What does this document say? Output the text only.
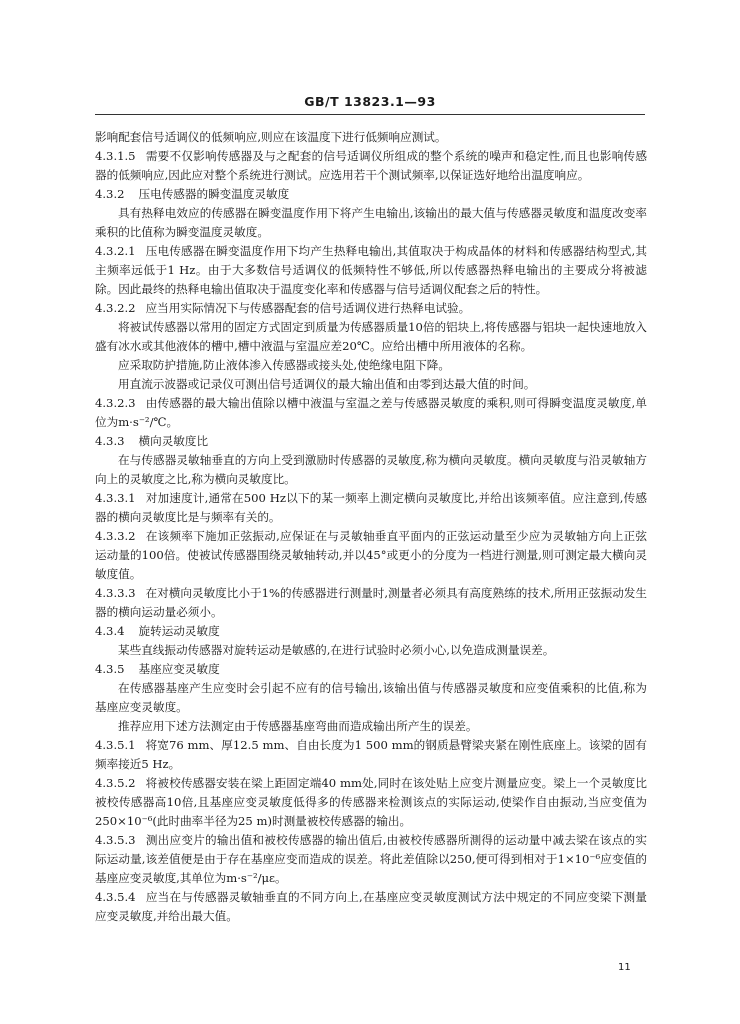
GB/T 13823.1—93

影响配套信号适调仪的低频响应,则应在该温度下进行低频响应测试。

4.3.1.5 需要不仅影响传感器及与之配套的信号适调仪所组成的整个系统的噪声和稳定性,而且也影响传感器的低频响应,因此应对整个系统进行测试。应选用若干个测试频率,以保证选好地给出温度响应。

4.3.2 压电传感器的瞬变温度灵敏度

具有热释电效应的传感器在瞬变温度作用下将产生电输出,该输出的最大值与传感器灵敏度和温度改变率乘积的比值称为瞬变温度灵敏度。

4.3.2.1 压电传感器在瞬变温度作用下均产生热释电输出,其值取决于构成晶体的材料和传感器结构型式,其主频率远低于1 Hz。由于大多数信号适调仪的低频特性不够低,所以传感器热释电输出的主要成分将被滤除。因此最终的热释电输出值取决于温度变化率和传感器与信号适调仪配套之后的特性。

4.3.2.2 应当用实际情况下与传感器配套的信号适调仪进行热释电试验。

将被试传感器以常用的固定方式固定到质量为传感器质量10倍的铝块上,将传感器与铝块一起快速地放入盛有冰水或其他液体的槽中,槽中液温与室温应差20℃。应给出槽中所用液体的名称。

应采取防护措施,防止液体渗入传感器或接头处,使绝缘电阻下降。

用直流示波器或记录仪可测出信号适调仪的最大输出值和由零到达最大值的时间。

4.3.2.3 由传感器的最大输出值除以槽中液温与室温之差与传感器灵敏度的乘积,则可得瞬变温度灵敏度,单位为m·s⁻²/℃。

4.3.3 横向灵敏度比

在与传感器灵敏轴垂直的方向上受到激励时传感器的灵敏度,称为横向灵敏度。横向灵敏度与沿灵敏轴方向上的灵敏度之比,称为横向灵敏度比。

4.3.3.1 对加速度计,通常在500 Hz以下的某一频率上測定横向灵敏度比,并给出该频率值。应注意到,传感器的横向灵敏度比是与频率有关的。

4.3.3.2 在该频率下施加正弦振动,应保证在与灵敏轴垂直平面内的正弦运动量至少应为灵敏轴方向上正弦运动量的100倍。使被试传感器围绕灵敏轴转动,并以45°或更小的分度为一档进行测量,则可测定最大横向灵敏度值。

4.3.3.3 在对横向灵敏度比小于1%的传感器进行测量时,测量者必须具有高度熟练的技术,所用正弦振动发生器的横向运动量必须小。

4.3.4 旋转运动灵敏度

某些直线振动传感器对旋转运动是敏感的,在进行试验时必须小心,以免造成测量误差。

4.3.5 基座应变灵敏度

在传感器基座产生应变时会引起不应有的信号输出,该输出值与传感器灵敏度和应变值乘积的比值,称为基座应变灵敏度。

推荐应用下述方法测定由于传感器基座弯曲而造成输出所产生的误差。

4.3.5.1 将宽76 mm、厚12.5 mm、自由长度为1 500 mm的钢质悬臂梁夹紧在刚性底座上。该梁的固有频率接近5 Hz。

4.3.5.2 将被校传感器安装在梁上距固定端40 mm处,同时在该处贴上应变片测量应变。梁上一个灵敏度比被校传感器高10倍,且基座应变灵敏度低得多的传感器来检测该点的实际运动,使梁作自由振动,当应变值为250×10⁻⁶(此时曲率半径为25 m)时测量被校传感器的输出。

4.3.5.3 测出应变片的输出值和被校传感器的输出值后,由被校传感器所測得的运动量中减去梁在该点的实际运动量,该差值便是由于存在基座应变而造成的误差。将此差值除以250,便可得到相对于1×10⁻⁶应变值的基座应变灵敏度,其单位为m·s⁻²/με。

4.3.5.4 应当在与传感器灵敏轴垂直的不同方向上,在基座应变灵敏度测试方法中规定的不同应变梁下测量应变灵敏度,并给出最大值。

11
